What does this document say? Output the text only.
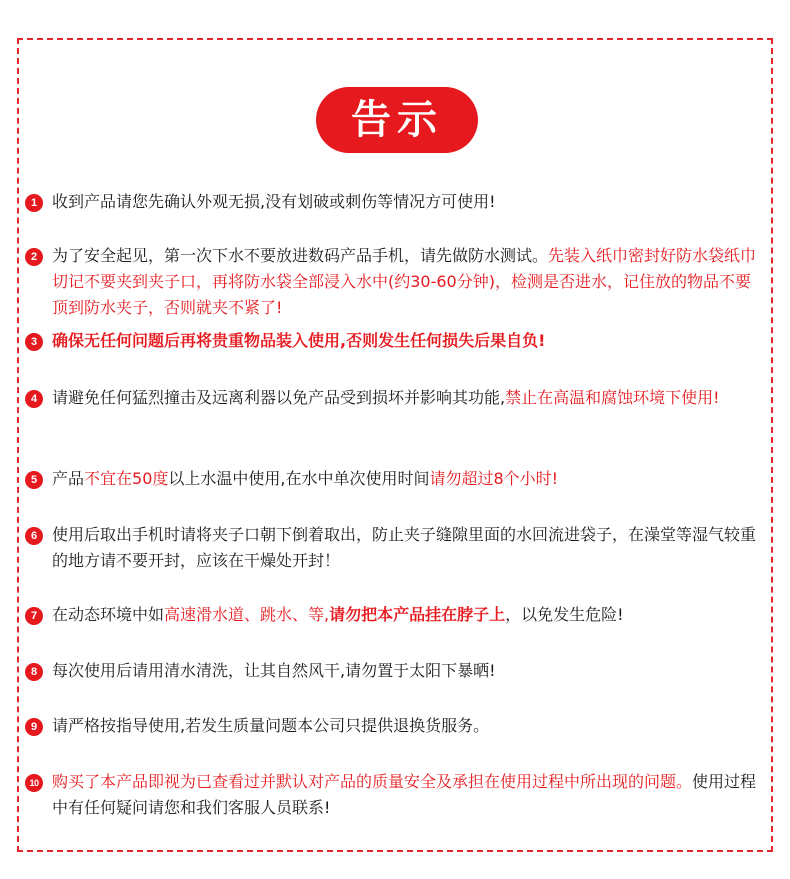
告示
1 收到产品请您先确认外观无损,没有划破或刺伤等情况方可使用!
2 为了安全起见，第一次下水不要放进数码产品手机，请先做防水测试。先装入纸巾密封好防水袋纸巾切记不要夹到夹子口，再将防水袋全部浸入水中(约30-60分钟)，检测是否进水，记住放的物品不要顶到防水夹子，否则就夹不紧了!
3 确保无任何问题后再将贵重物品装入使用,否则发生任何损失后果自负!
4 请避免任何猛烈撞击及远离利器以免产品受到损坏并影响其功能,禁止在高温和腐蚀环境下使用!
5 产品不宜在50度以上水温中使用,在水中单次使用时间请勿超过8个小时!
6 使用后取出手机时请将夹子口朝下倒着取出，防止夹子缝隙里面的水回流进袋子，在澡堂等湿气较重的地方请不要开封，应该在干燥处开封！
7 在动态环境中如高速滑水道、跳水、等,请勿把本产品挂在脖子上，以免发生危险!
8 每次使用后请用清水清洗，让其自然风干,请勿置于太阳下暴晒!
9 请严格按指导使用,若发生质量问题本公司只提供退换货服务。
10 购买了本产品即视为已查看过并默认对产品的质量安全及承担在使用过程中所出现的问题。使用过程中有任何疑问请您和我们客服人员联系!
